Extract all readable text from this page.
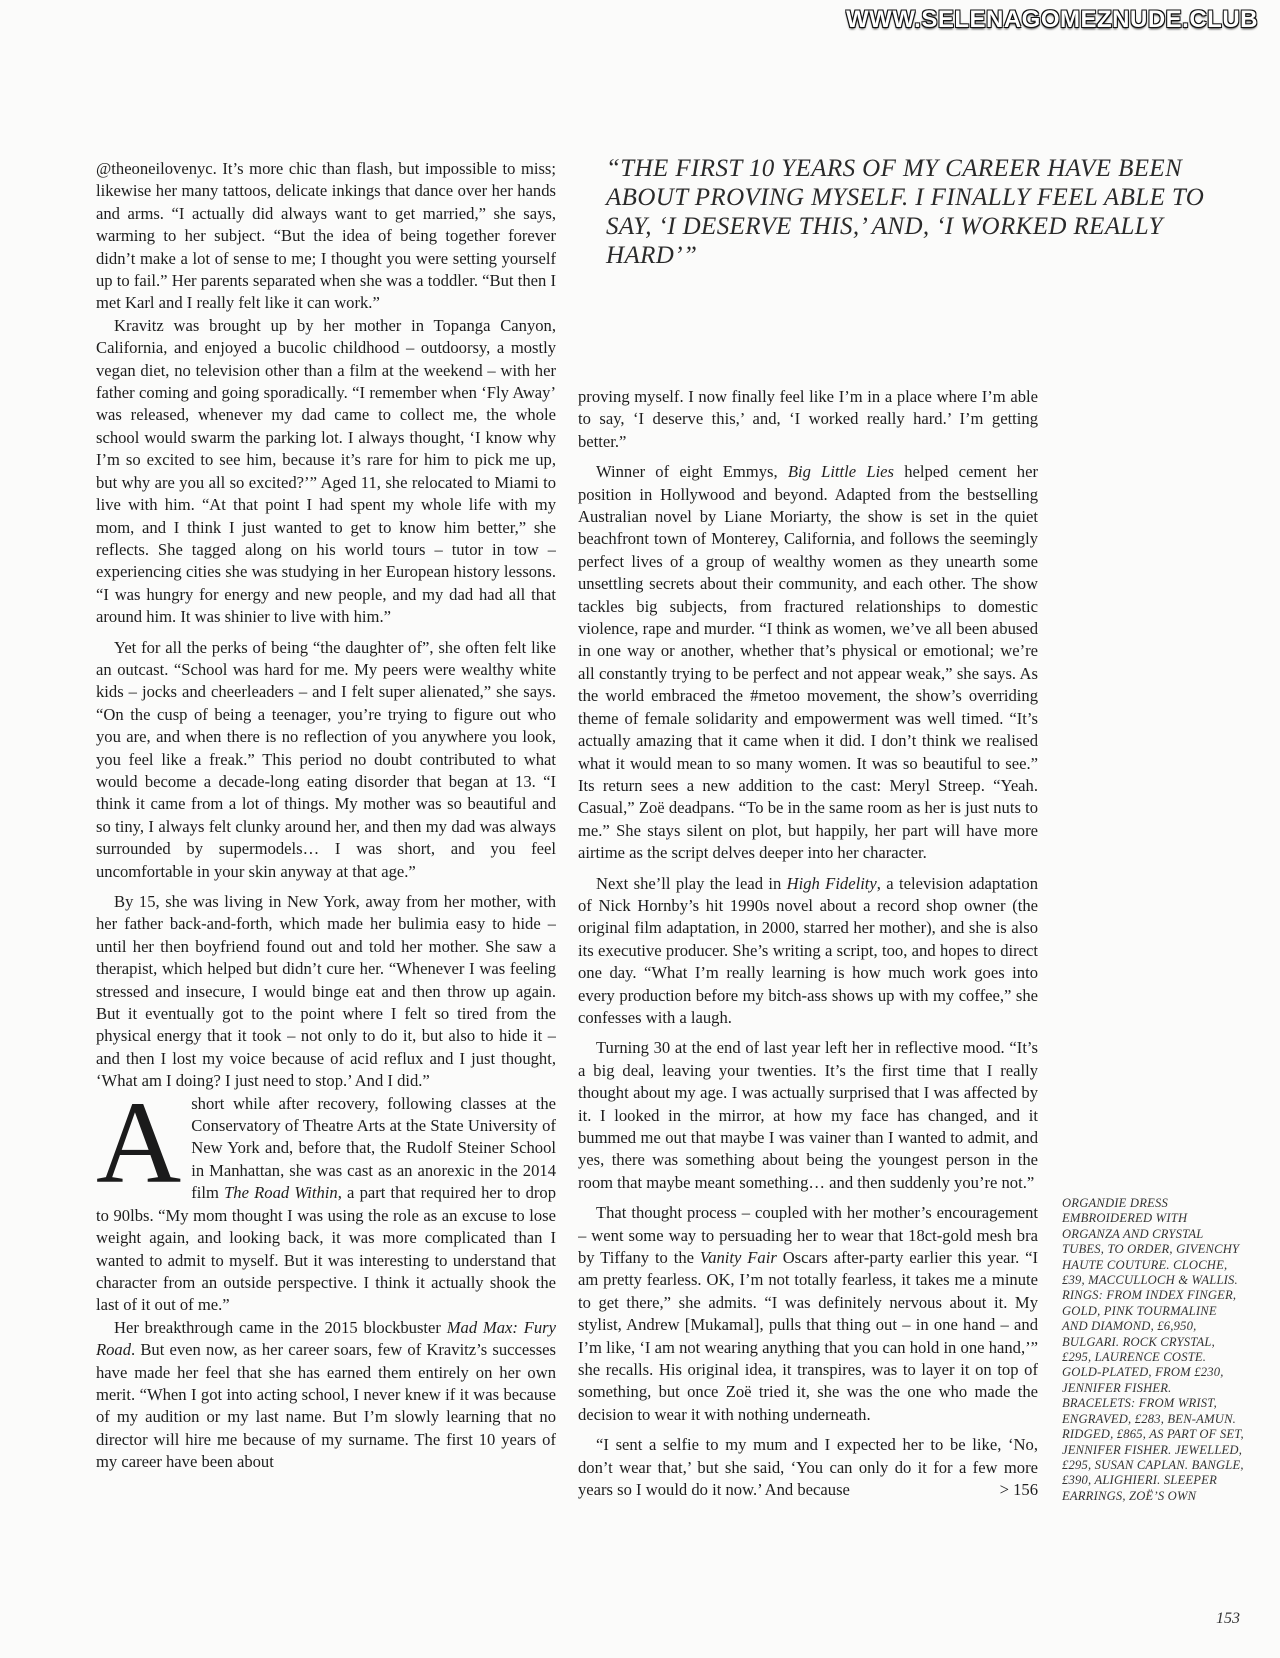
WWW.SELENAGOMEZNUDE.CLUB

@theoneilovenyc. It’s more chic than flash, but impossible to miss; likewise her many tattoos, delicate inkings that dance over her hands and arms. “I actually did always want to get married,” she says, warming to her subject. “But the idea of being together forever didn’t make a lot of sense to me; I thought you were setting yourself up to fail.” Her parents separated when she was a toddler. “But then I met Karl and I really felt like it can work.”

Kravitz was brought up by her mother in Topanga Canyon, California, and enjoyed a bucolic childhood – outdoorsy, a mostly vegan diet, no television other than a film at the weekend – with her father coming and going sporadically. “I remember when ‘Fly Away’ was released, whenever my dad came to collect me, the whole school would swarm the parking lot. I always thought, ‘I know why I’m so excited to see him, because it’s rare for him to pick me up, but why are you all so excited?’” Aged 11, she relocated to Miami to live with him. “At that point I had spent my whole life with my mom, and I think I just wanted to get to know him better,” she reflects. She tagged along on his world tours – tutor in tow – experiencing cities she was studying in her European history lessons. “I was hungry for energy and new people, and my dad had all that around him. It was shinier to live with him.”

Yet for all the perks of being “the daughter of”, she often felt like an outcast. “School was hard for me. My peers were wealthy white kids – jocks and cheerleaders – and I felt super alienated,” she says. “On the cusp of being a teenager, you’re trying to figure out who you are, and when there is no reflection of you anywhere you look, you feel like a freak.” This period no doubt contributed to what would become a decade-long eating disorder that began at 13. “I think it came from a lot of things. My mother was so beautiful and so tiny, I always felt clunky around her, and then my dad was always surrounded by supermodels… I was short, and you feel uncomfortable in your skin anyway at that age.”

By 15, she was living in New York, away from her mother, with her father back-and-forth, which made her bulimia easy to hide – until her then boyfriend found out and told her mother. She saw a therapist, which helped but didn’t cure her. “Whenever I was feeling stressed and insecure, I would binge eat and then throw up again. But it eventually got to the point where I felt so tired from the physical energy that it took – not only to do it, but also to hide it – and then I lost my voice because of acid reflux and I just thought, ‘What am I doing? I just need to stop.’ And I did.”

A short while after recovery, following classes at the Conservatory of Theatre Arts at the State University of New York and, before that, the Rudolf Steiner School in Manhattan, she was cast as an anorexic in the 2014 film The Road Within, a part that required her to drop to 90lbs. “My mom thought I was using the role as an excuse to lose weight again, and looking back, it was more complicated than I wanted to admit to myself. But it was interesting to understand that character from an outside perspective. I think it actually shook the last of it out of me.”

Her breakthrough came in the 2015 blockbuster Mad Max: Fury Road. But even now, as her career soars, few of Kravitz’s successes have made her feel that she has earned them entirely on her own merit. “When I got into acting school, I never knew if it was because of my audition or my last name. But I’m slowly learning that no director will hire me because of my surname. The first 10 years of my career have been about

“THE FIRST 10 YEARS OF MY CAREER HAVE BEEN ABOUT PROVING MYSELF. I FINALLY FEEL ABLE TO SAY, ‘I DESERVE THIS,’ AND, ‘I WORKED REALLY HARD’”

proving myself. I now finally feel like I’m in a place where I’m able to say, ‘I deserve this,’ and, ‘I worked really hard.’ I’m getting better.”

Winner of eight Emmys, Big Little Lies helped cement her position in Hollywood and beyond. Adapted from the bestselling Australian novel by Liane Moriarty, the show is set in the quiet beachfront town of Monterey, California, and follows the seemingly perfect lives of a group of wealthy women as they unearth some unsettling secrets about their community, and each other. The show tackles big subjects, from fractured relationships to domestic violence, rape and murder. “I think as women, we’ve all been abused in one way or another, whether that’s physical or emotional; we’re all constantly trying to be perfect and not appear weak,” she says. As the world embraced the #metoo movement, the show’s overriding theme of female solidarity and empowerment was well timed. “It’s actually amazing that it came when it did. I don’t think we realised what it would mean to so many women. It was so beautiful to see.” Its return sees a new addition to the cast: Meryl Streep. “Yeah. Casual,” Zoë deadpans. “To be in the same room as her is just nuts to me.” She stays silent on plot, but happily, her part will have more airtime as the script delves deeper into her character.

Next she’ll play the lead in High Fidelity, a television adaptation of Nick Hornby’s hit 1990s novel about a record shop owner (the original film adaptation, in 2000, starred her mother), and she is also its executive producer. She’s writing a script, too, and hopes to direct one day. “What I’m really learning is how much work goes into every production before my bitch-ass shows up with my coffee,” she confesses with a laugh.

Turning 30 at the end of last year left her in reflective mood. “It’s a big deal, leaving your twenties. It’s the first time that I really thought about my age. I was actually surprised that I was affected by it. I looked in the mirror, at how my face has changed, and it bummed me out that maybe I was vainer than I wanted to admit, and yes, there was something about being the youngest person in the room that maybe meant something… and then suddenly you’re not.”

That thought process – coupled with her mother’s encouragement – went some way to persuading her to wear that 18ct-gold mesh bra by Tiffany to the Vanity Fair Oscars after-party earlier this year. “I am pretty fearless. OK, I’m not totally fearless, it takes me a minute to get there,” she admits. “I was definitely nervous about it. My stylist, Andrew [Mukamal], pulls that thing out – in one hand – and I’m like, ‘I am not wearing anything that you can hold in one hand,’” she recalls. His original idea, it transpires, was to layer it on top of something, but once Zoë tried it, she was the one who made the decision to wear it with nothing underneath.

“I sent a selfie to my mum and I expected her to be like, ‘No, don’t wear that,’ but she said, ‘You can only do it for a few more years so I would do it now.’ And because	> 156

ORGANDIE DRESS EMBROIDERED WITH ORGANZA AND CRYSTAL TUBES, TO ORDER, GIVENCHY HAUTE COUTURE. CLOCHE, £39, MACCULLOCH & WALLIS. RINGS: FROM INDEX FINGER, GOLD, PINK TOURMALINE AND DIAMOND, £6,950, BULGARI. ROCK CRYSTAL, £295, LAURENCE COSTE. GOLD-PLATED, FROM £230, JENNIFER FISHER. BRACELETS: FROM WRIST, ENGRAVED, £283, BEN-AMUN. RIDGED, £865, AS PART OF SET, JENNIFER FISHER. JEWELLED, £295, SUSAN CAPLAN. BANGLE, £390, ALIGHIERI. SLEEPER EARRINGS, ZOË’S OWN
153
